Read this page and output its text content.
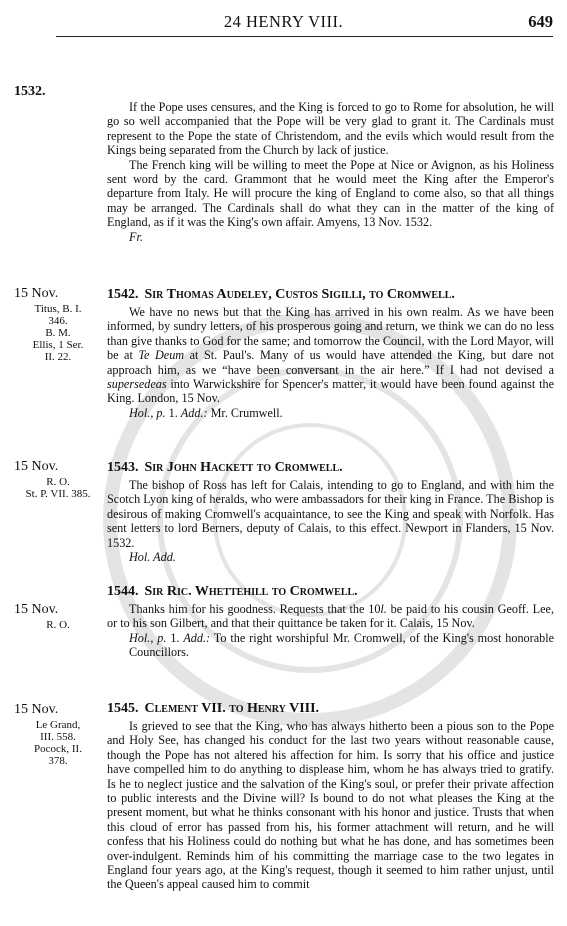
24 HENRY VIII.	649
1532.

If the Pope uses censures, and the King is forced to go to Rome for absolution, he will go so well accompanied that the Pope will be very glad to grant it. The Cardinals must represent to the Pope the state of Christendom, and the evils which would result from the Kings being separated from the Church by lack of justice.

The French king will be willing to meet the Pope at Nice or Avignon, as his Holiness sent word by the card. Grammont that he would meet the King after the Emperor's departure from Italy. He will procure the king of England to come also, so that all things may be arranged. The Cardinals shall do what they can in the matter of the king of England, as if it was the King's own affair. Amyens, 13 Nov. 1532.

Fr.
15 Nov.
Titus, B. I.
346.
B. M.
Ellis, 1 Ser.
II. 22.
1542. Sir Thomas Audeley, Custos Sigilli, to Cromwell.

We have no news but that the King has arrived in his own realm. As we have been informed, by sundry letters, of his prosperous going and return, we think we can do no less than give thanks to God for the same; and tomorrow the Council, with the Lord Mayor, will be at Te Deum at St. Paul's. Many of us would have attended the King, but dare not approach him, as we “have been conversant in the air here.” If I had not devised a supersedeas into Warwickshire for Spencer's matter, it would have been found against the King. London, 15 Nov.

Hol., p. 1. Add.: Mr. Crumwell.
15 Nov.
R. O.
St. P. VII. 385.
1543. Sir John Hackett to Cromwell.

The bishop of Ross has left for Calais, intending to go to England, and with him the Scotch Lyon king of heralds, who were ambassadors for their king in France. The Bishop is desirous of making Cromwell's acquaintance, to see the King and speak with Norfolk. Has sent letters to lord Berners, deputy of Calais, to this effect. Newport in Flanders, 15 Nov. 1532.

Hol. Add.
15 Nov.
R. O.
1544. Sir Ric. Whettehill to Cromwell.

Thanks him for his goodness. Requests that the 10l. be paid to his cousin Geoff. Lee, or to his son Gilbert, and that their quittance be taken for it. Calais, 15 Nov.

Hol., p. 1. Add.: To the right worshipful Mr. Cromwell, of the King's most honorable Councillors.
15 Nov.
Le Grand,
III. 558.
Pocock, II.
378.
1545. Clement VII. to Henry VIII.

Is grieved to see that the King, who has always hitherto been a pious son to the Pope and Holy See, has changed his conduct for the last two years without reasonable cause, though the Pope has not altered his affection for him. Is sorry that his office and justice have compelled him to do anything to displease him, whom he has always tried to gratify. Is he to neglect justice and the salvation of the King's soul, or prefer their private affection to public interests and the Divine will? Is bound to do not what pleases the King at the present moment, but what he thinks consonant with his honor and justice. Trusts that when this cloud of error has passed from his, his former attachment will return, and he will confess that his Holiness could do nothing but what he has done, and has sometimes been over-indulgent. Reminds him of his committing the marriage case to the two legates in England four years ago, at the King's request, though it seemed to him rather unjust, until the Queen's appeal caused him to commit
